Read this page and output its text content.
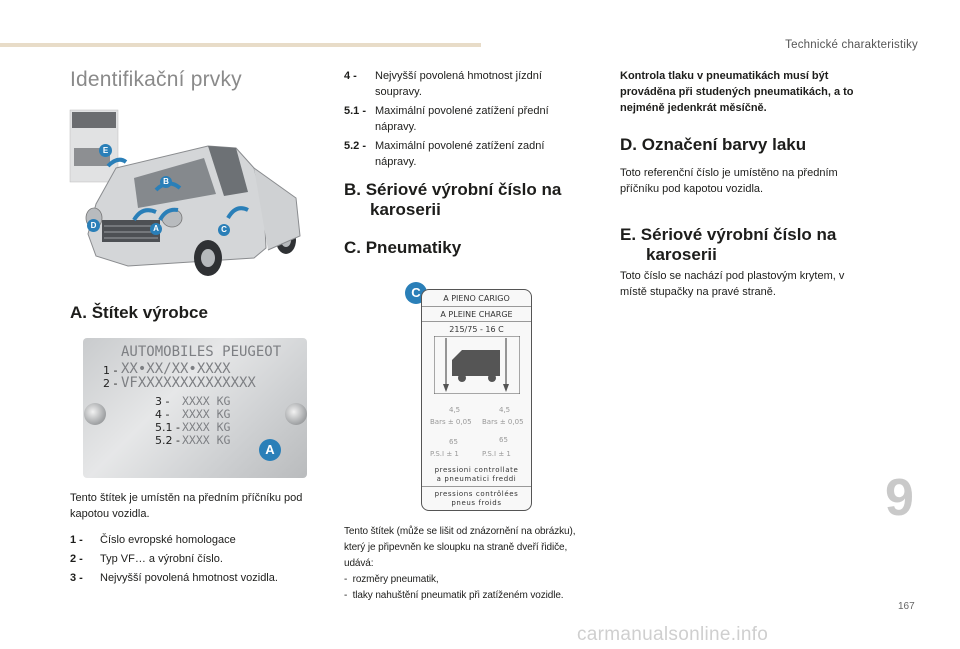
Technické charakteristiky
Identifikační prvky
E
B
D	A	C
A. Štítek výrobce
AUTOMOBILES PEUGEOT
1 - XX•XX/XX•XXXX
2 - VFXXXXXXXXXXXXXX
3 - XXXX KG
4 - XXXX KG
5.1 - XXXX KG
5.2 - XXXX KG
A
Tento štítek je umístěn na předním příčníku pod kapotou vozidla.
1 -	Číslo evropské homologace
2 -	Typ VF… a výrobní číslo.
3 -	Nejvyšší povolená hmotnost vozidla.
4 -	Nejvyšší povolená hmotnost jízdní soupravy.
5.1 - Maximální povolené zatížení přední nápravy.
5.2 - Maximální povolené zatížení zadní nápravy.
B. Sériové výrobní číslo na
karoserii
C. Pneumatiky
C	A PIENO CARIGO
A PLEINE CHARGE
215/75 - 16 C
4,5
Bars ± 0,05
4,5
Bars ± 0,05
65
P.S.I ± 1
65
P.S.I ± 1
pressioni controllate
a pneumatici freddi
pressions contrôlées
pneus froids
Tento štítek (může se lišit od znázornění na obrázku), který je připevněn ke sloupku na straně dveří řidiče, udává:
-  rozměry pneumatik,
-  tlaky nahuštění pneumatik při zatíženém vozidle.
Kontrola tlaku v pneumatikách musí být prováděna při studených pneumatikách, a to nejméně jedenkrát měsíčně.
D. Označení barvy laku
Toto referenční číslo je umístěno na předním příčníku pod kapotou vozidla.
E. Sériové výrobní číslo na
karoserii
Toto číslo se nachází pod plastovým krytem, v místě stupačky na pravé straně.
9
167
carmanualsonline.info
